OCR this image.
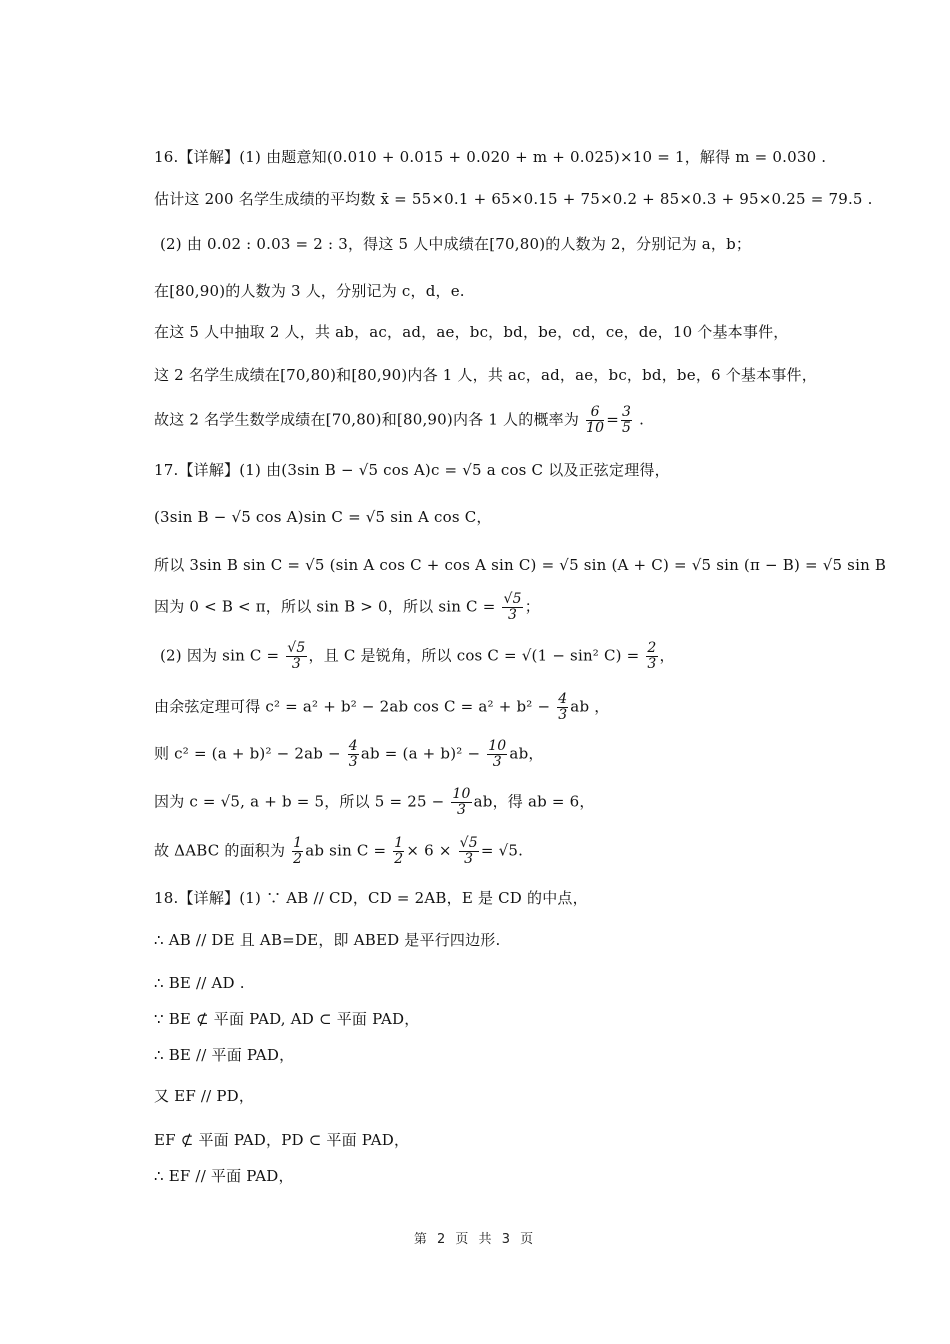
16.【详解】(1) 由题意知(0.010 + 0.015 + 0.020 + m + 0.025)×10 = 1，解得 m = 0.030 .
估计这 200 名学生成绩的平均数 x̄ = 55×0.1 + 65×0.15 + 75×0.2 + 85×0.3 + 95×0.25 = 79.5 .
(2) 由 0.02 : 0.03 = 2 : 3，得这 5 人中成绩在[70,80)的人数为 2，分别记为 a，b；
在[80,90)的人数为 3 人，分别记为 c，d，e.
在这 5 人中抽取 2 人，共 ab，ac，ad，ae，bc，bd，be，cd，ce，de，10 个基本事件，
这 2 名学生成绩在[70,80)和[80,90)内各 1 人，共 ac，ad，ae，bc，bd，be，6 个基本事件，
故这 2 名学生数学成绩在[70,80)和[80,90)内各 1 人的概率为 $\frac{6}{10} = \frac{3}{5}$ .
17.【详解】(1) 由(3sin B − √5 cos A)c = √5 a cos C 以及正弦定理得，
(3sin B − √5 cos A)sin C = √5 sin A cos C，
所以 3sin B sin C = √5 (sin A cos C + cos A sin C) = √5 sin (A + C) = √5 sin (π − B) = √5 sin B
因为 0 < B < π，所以 sin B > 0，所以 $\sin C = \frac{√5}{3}$ ；
(2) 因为 $\sin C = \frac{√5}{3}$ ，且 C 是锐角，所以 cos C = √(1 − sin² $C) = \frac{2}{3}$ ，
由余弦定理可得 c² = a² + b² − 2ab $\cos C = a^2 + b^2 - \frac{4}{3}$ ab ，
则 $c^2 = (a + b)^2 - 2ab - \frac{4}{3}$ ab = $(a + b)^2 - \frac{10}{3}$ ab，
因为 c = √5, a + b = 5，所以 $5 = 25 - \frac{10}{3}$ ab，得 ab = 6，
故 ΔABC 的面积为 $\frac{1}{2}$ ab $\sin C = \frac{1}{2} \times 6 \times \frac{√5}{3} = √5$.
18.【详解】(1) ∵ AB // CD，CD = 2AB，E 是 CD 的中点，
∴ AB // DE 且 AB=DE，即 ABED 是平行四边形.
∴ BE // AD .
∵ BE ⊄ 平面 PAD, AD ⊂ 平面 PAD，
∴ BE // 平面 PAD，
又 EF // PD，
EF ⊄ 平面 PAD，PD ⊂ 平面 PAD，
∴ EF // 平面 PAD，
第 2 页 共 3 页
